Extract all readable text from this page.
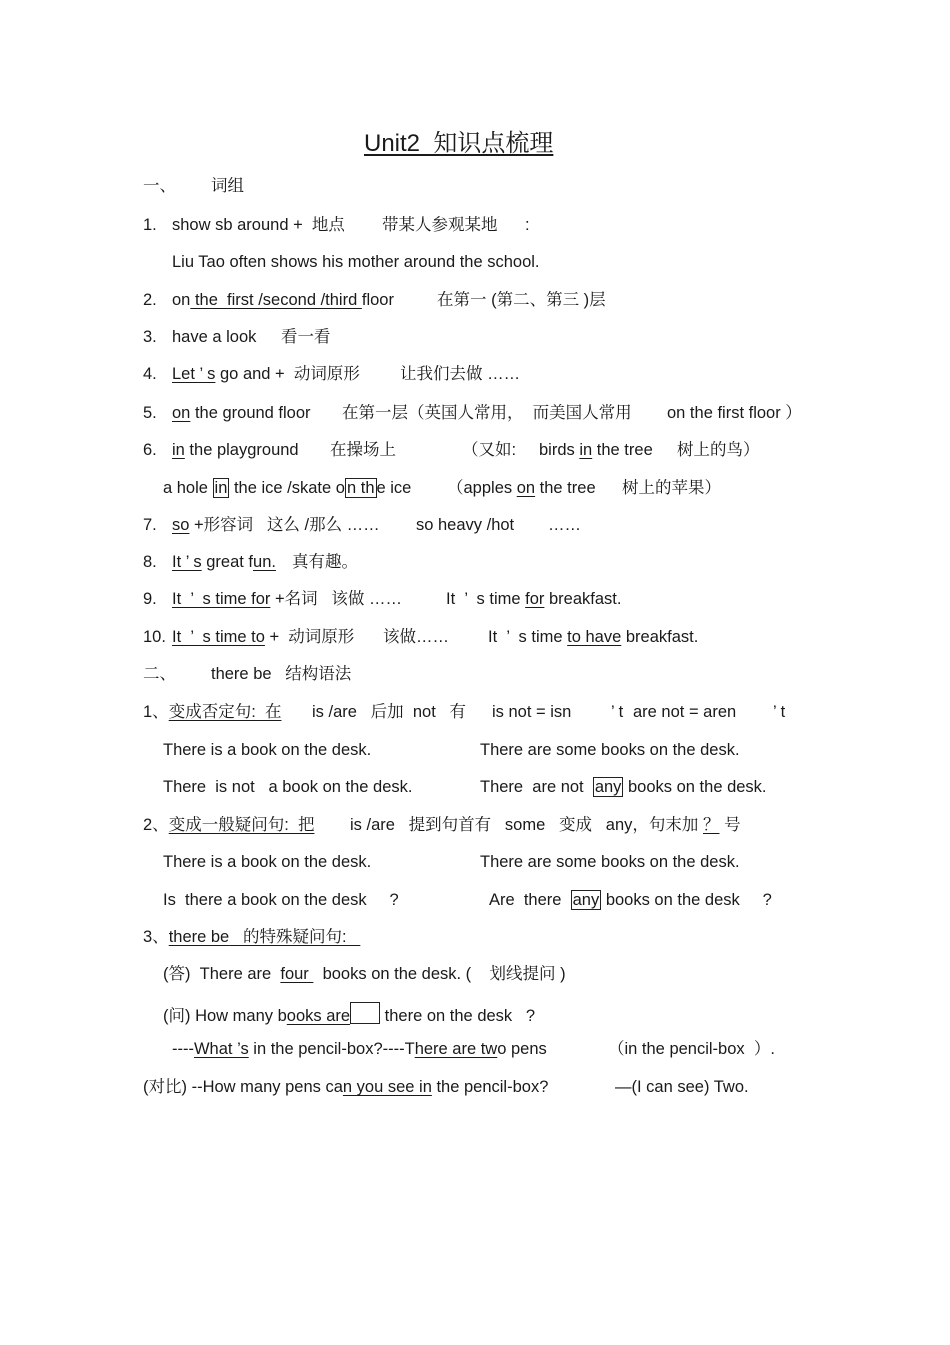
Unit2  知识点梳理
一、 词组
1. show sb around +  地点 带某人参观某地 :
Liu Tao often shows his mother around the school.
2. on the  first /second /third floor	在第一 (第二、第三 )层
3. have a look 看一看
4. Let ’ s go and +  动词原形 让我们去做 ……
5. on the ground floor 在第一层（英国人常用，  而美国人常用 on the first floor ）
6. in the playground 在操场上	（又如: birds in the tree 树上的鸟）
a hole in the ice /skate o n th e ice （apples on the tree 树上的苹果）
7. so +形容词   这么 /那么 …… so heavy /hot ……
8. It ’ s great fun. 真有趣。
9. It  ’  s time for +名词   该做 ……	It  ’  s time for breakfast.
10. It  ’  s time to +  动词原形 该做…… It  ’  s time to have breakfast.
二、 there be   结构语法
1、变成否定句:  在 is /are   后加  not   有 is not = isn ’ t are not = aren ’ t
There is a book on the desk.	There are some books on the desk.
There  is not   a book on the desk.	There  are not  any books on the desk.
2、变成一般疑问句:  把 is /are   提到句首有   some   变成   any，句末加 ？ 号
There is a book on the desk.	There are some books on the desk.
Is  there a book on the desk     ?	Are  there  any books on the desk     ?
3、there be   的特殊疑问句:
(答)  There are  four   books on the desk. (    划线提问 )
(问) How many books are there on the desk   ?
----What ’s in the pencil-box?----There are two pens	（in the pencil-box  ）.
(对比) --How many pens can you see in the pencil-box?	—(I can see) Two.
